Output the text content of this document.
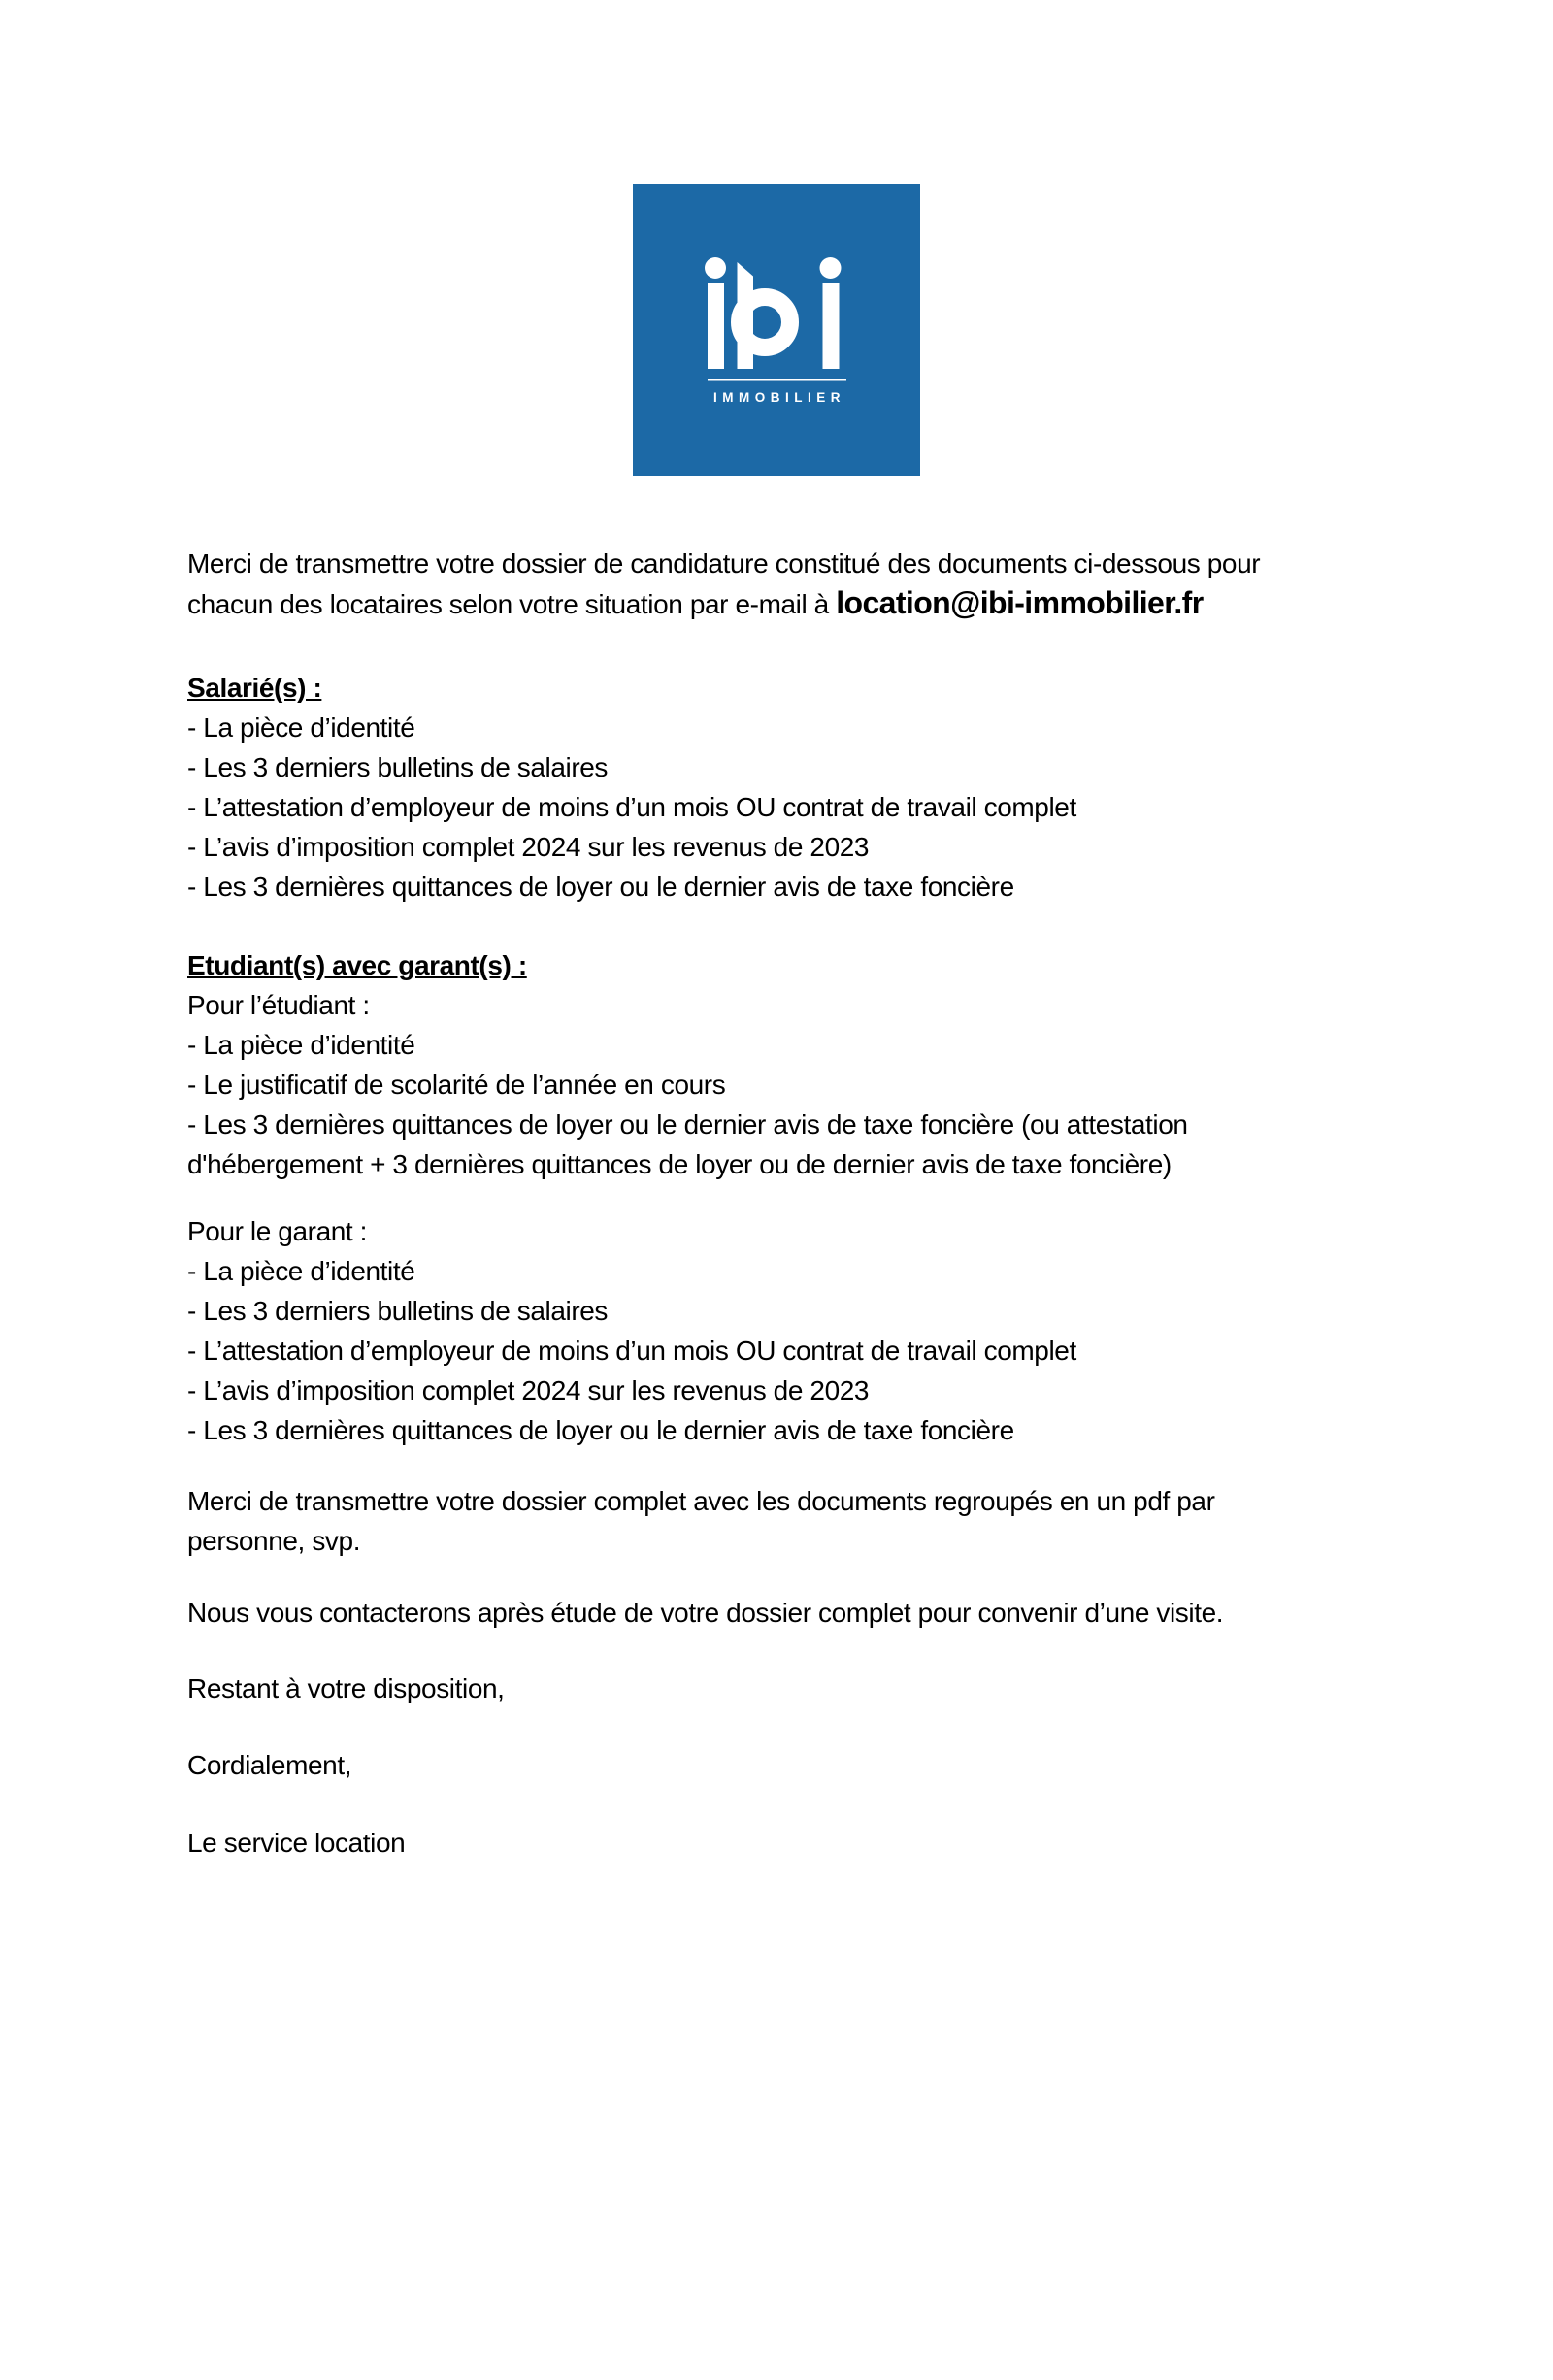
IMMOBILIER

Merci de transmettre votre dossier de candidature constitué des documents ci-dessous pour
chacun des locataires selon votre situation par e-mail à location@ibi-immobilier.fr

Salarié(s) :
- La pièce d’identité
- Les 3 derniers bulletins de salaires
- L’attestation d’employeur de moins d’un mois OU contrat de travail complet
- L’avis d’imposition complet 2024 sur les revenus de 2023
- Les 3 dernières quittances de loyer ou le dernier avis de taxe foncière
Etudiant(s) avec garant(s) :
Pour l’étudiant :
- La pièce d’identité
- Le justificatif de scolarité de l’année en cours
- Les 3 dernières quittances de loyer ou le dernier avis de taxe foncière (ou attestation
d'hébergement + 3 dernières quittances de loyer ou de dernier avis de taxe foncière)
Pour le garant :
- La pièce d’identité
- Les 3 derniers bulletins de salaires
- L’attestation d’employeur de moins d’un mois OU contrat de travail complet
- L’avis d’imposition complet 2024 sur les revenus de 2023
- Les 3 dernières quittances de loyer ou le dernier avis de taxe foncière

Merci de transmettre votre dossier complet avec les documents regroupés en un pdf par
personne, svp.

Nous vous contacterons après étude de votre dossier complet pour convenir d’une visite.

Restant à votre disposition,

Cordialement,

Le service location
